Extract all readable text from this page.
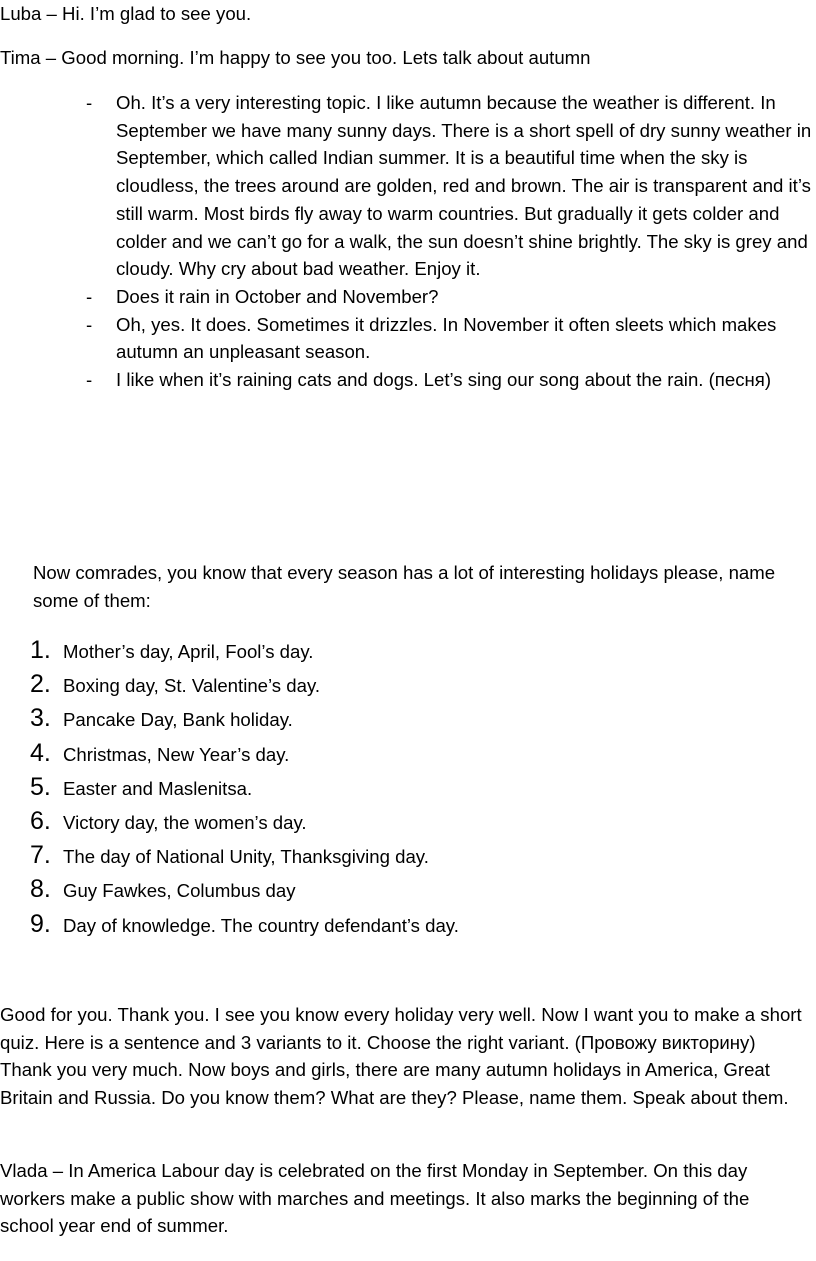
Luba – Hi. I’m glad to see you.

Tima – Good morning. I’m happy to see you too. Lets talk about autumn

- Oh. It’s a very interesting topic. I like autumn because the weather is different. In September we have many sunny days. There is a short spell of dry sunny weather in September, which called Indian summer. It is a beautiful time when the sky is cloudless, the trees around are golden, red and brown. The air is transparent and it’s still warm. Most birds fly away to warm countries. But gradually it gets colder and colder and we can’t go for a walk, the sun doesn’t shine brightly. The sky is grey and cloudy. Why cry about bad weather. Enjoy it.
- Does it rain in October and November?
- Oh, yes. It does. Sometimes it drizzles. In November it often sleets which makes autumn an unpleasant season.
- I like when it’s raining cats and dogs. Let’s sing our song about the rain. (песня)

Now comrades, you know that every season has a lot of interesting holidays please, name some of them:

1. Mother’s day, April, Fool’s day.
2. Boxing day, St. Valentine’s day.
3. Pancake Day, Bank holiday.
4. Christmas, New Year’s day.
5. Easter and Maslenitsa.
6. Victory day, the women’s day.
7. The day of National Unity, Thanksgiving day.
8. Guy Fawkes, Columbus day
9. Day of knowledge. The country defendant’s day.

Good for you. Thank you. I see you know every holiday very well. Now I want you to make a short quiz. Here is a sentence and 3 variants to it. Choose the right variant. (Провожу викторину) Thank you very much. Now boys and girls, there are many autumn holidays in America, Great Britain and Russia. Do you know them? What are they? Please, name them. Speak about them.

Vlada – In America Labour day is celebrated on the first Monday in September. On this day workers make a public show with marches and meetings. It also marks the beginning of the school year end of summer.
